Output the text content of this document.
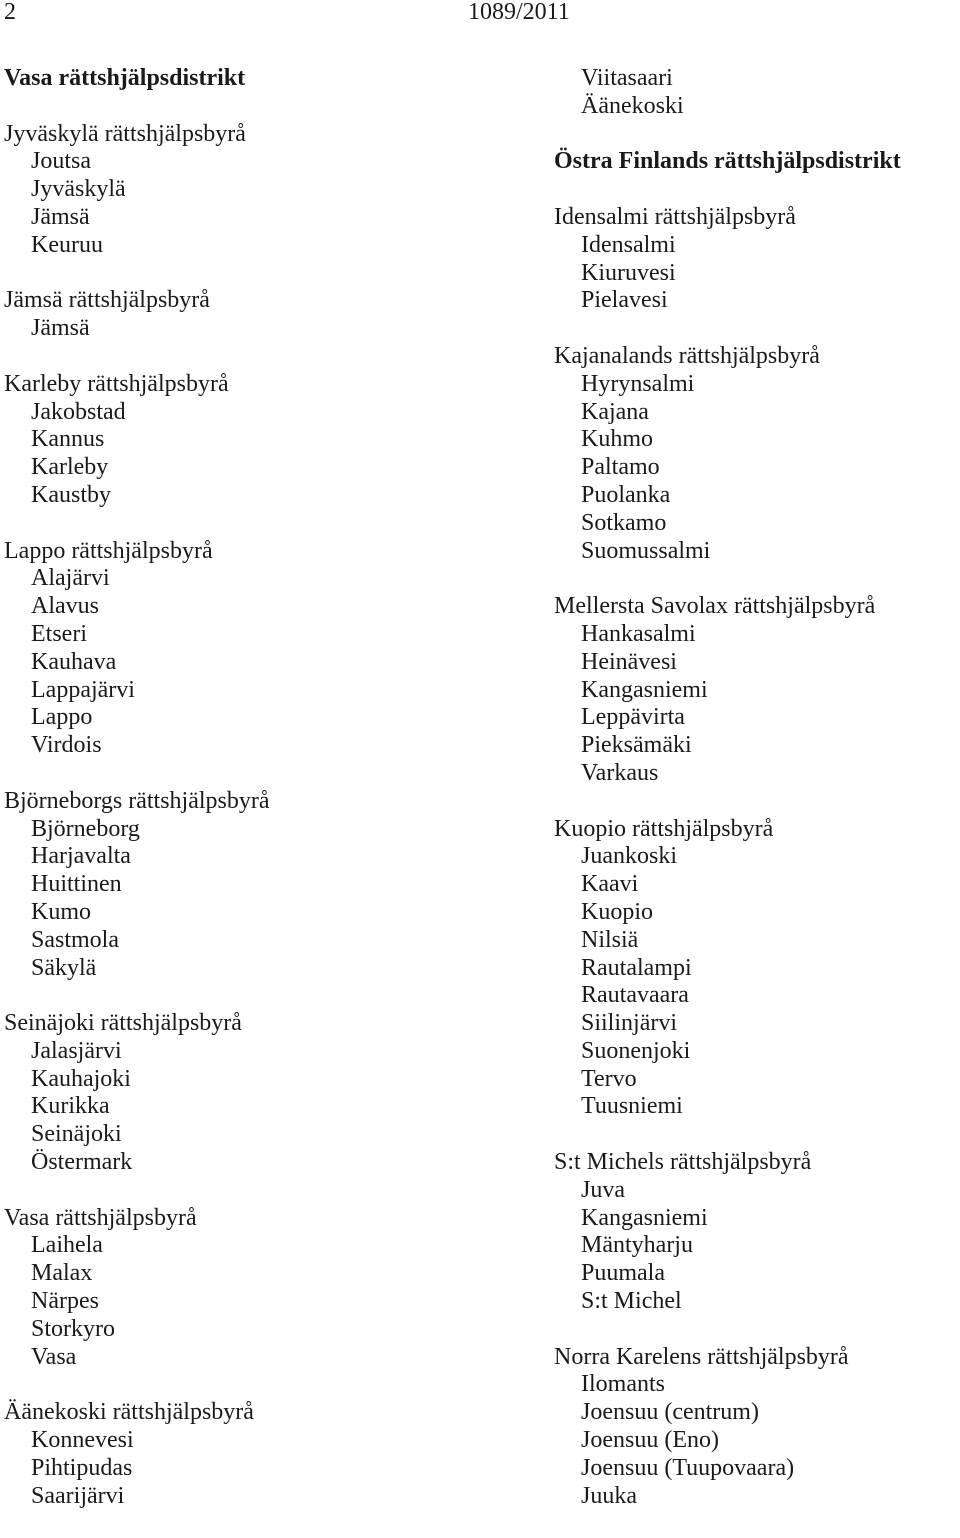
2	1089/2011
Vasa rättshjälpsdistrikt
Jyväskylä rättshjälpsbyrå
Joutsa
Jyväskylä
Jämsä
Keuruu
Jämsä rättshjälpsbyrå
Jämsä
Karleby rättshjälpsbyrå
Jakobstad
Kannus
Karleby
Kaustby
Lappo rättshjälpsbyrå
Alajärvi
Alavus
Etseri
Kauhava
Lappajärvi
Lappo
Virdois
Björneborgs rättshjälpsbyrå
Björneborg
Harjavalta
Huittinen
Kumo
Sastmola
Säkylä
Seinäjoki rättshjälpsbyrå
Jalasjärvi
Kauhajoki
Kurikka
Seinäjoki
Östermark
Vasa rättshjälpsbyrå
Laihela
Malax
Närpes
Storkyro
Vasa
Äänekoski rättshjälpsbyrå
Konnevesi
Pihtipudas
Saarijärvi
Viitasaari
Äänekoski
Östra Finlands rättshjälpsdistrikt
Idensalmi rättshjälpsbyrå
Idensalmi
Kiuruvesi
Pielavesi
Kajanalands rättshjälpsbyrå
Hyrynsalmi
Kajana
Kuhmo
Paltamo
Puolanka
Sotkamo
Suomussalmi
Mellersta Savolax rättshjälpsbyrå
Hankasalmi
Heinävesi
Kangasniemi
Leppävirta
Pieksämäki
Varkaus
Kuopio rättshjälpsbyrå
Juankoski
Kaavi
Kuopio
Nilsiä
Rautalampi
Rautavaara
Siilinjärvi
Suonenjoki
Tervo
Tuusniemi
S:t Michels rättshjälpsbyrå
Juva
Kangasniemi
Mäntyharju
Puumala
S:t Michel
Norra Karelens rättshjälpsbyrå
Ilomants
Joensuu (centrum)
Joensuu (Eno)
Joensuu (Tuupovaara)
Juuka
